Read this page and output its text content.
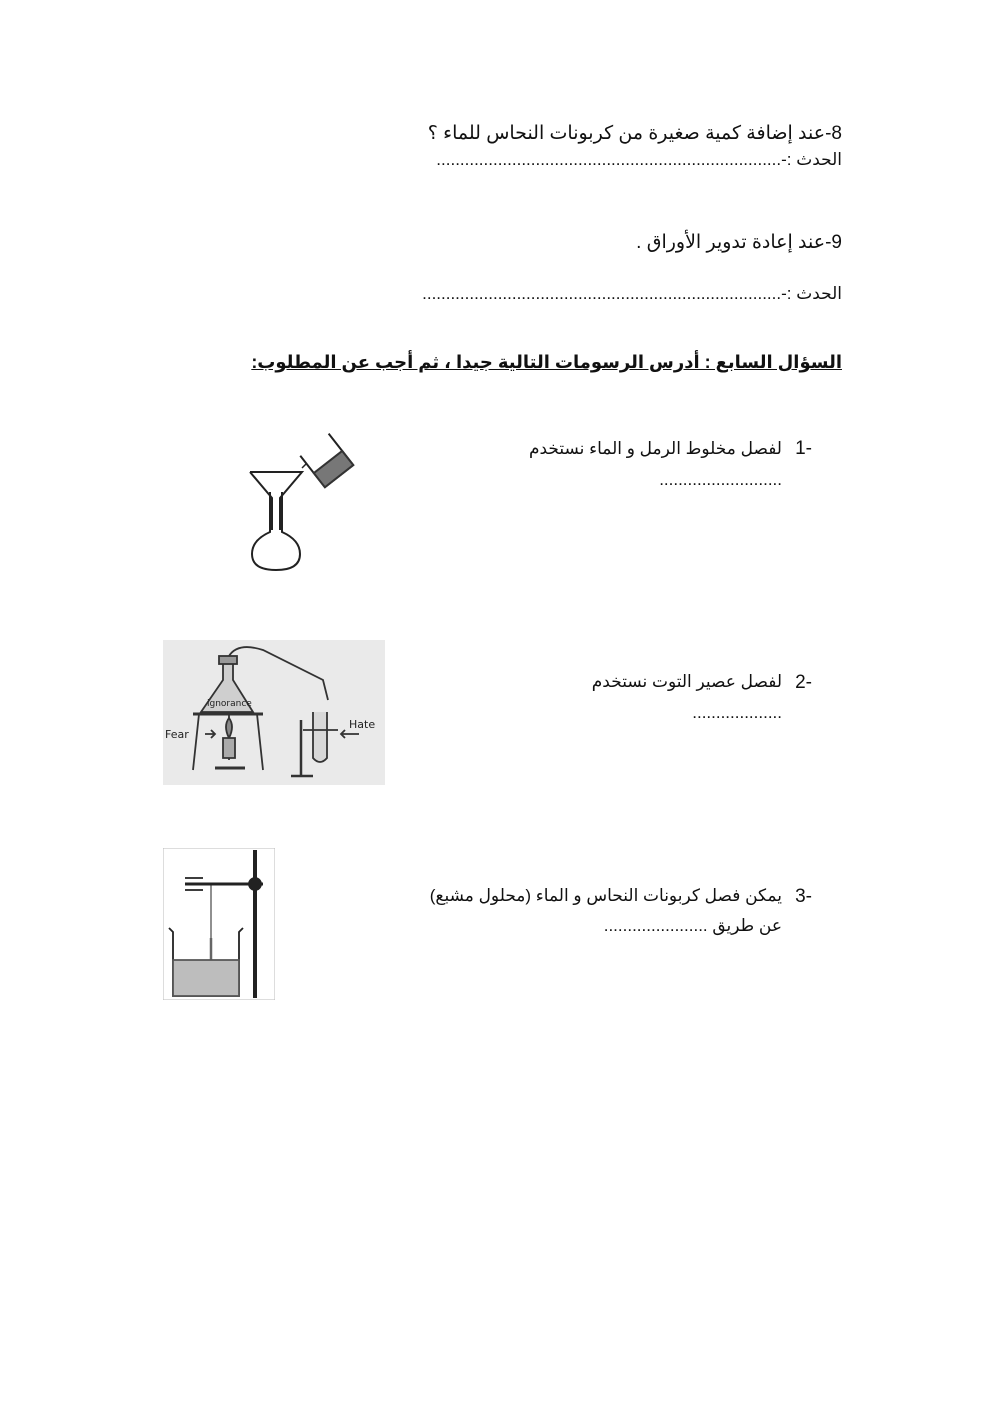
8-عند إضافة كمية صغيرة من كربونات النحاس للماء ؟
الحدث :-.........................................................................
9-عند إعادة تدوير الأوراق .
الحدث :-............................................................................
السؤال السابع : أدرس الرسومات التالية جيدا ، ثم أجب عن المطلوب:
1-
لفصل مخلوط الرمل و الماء نستخدم
..........................
2-
لفصل عصير التوت نستخدم
...................
3-
يمكن فصل كربونات النحاس و الماء (محلول مشبع)
عن طريق ......................
ignorance
Fear
Hate
